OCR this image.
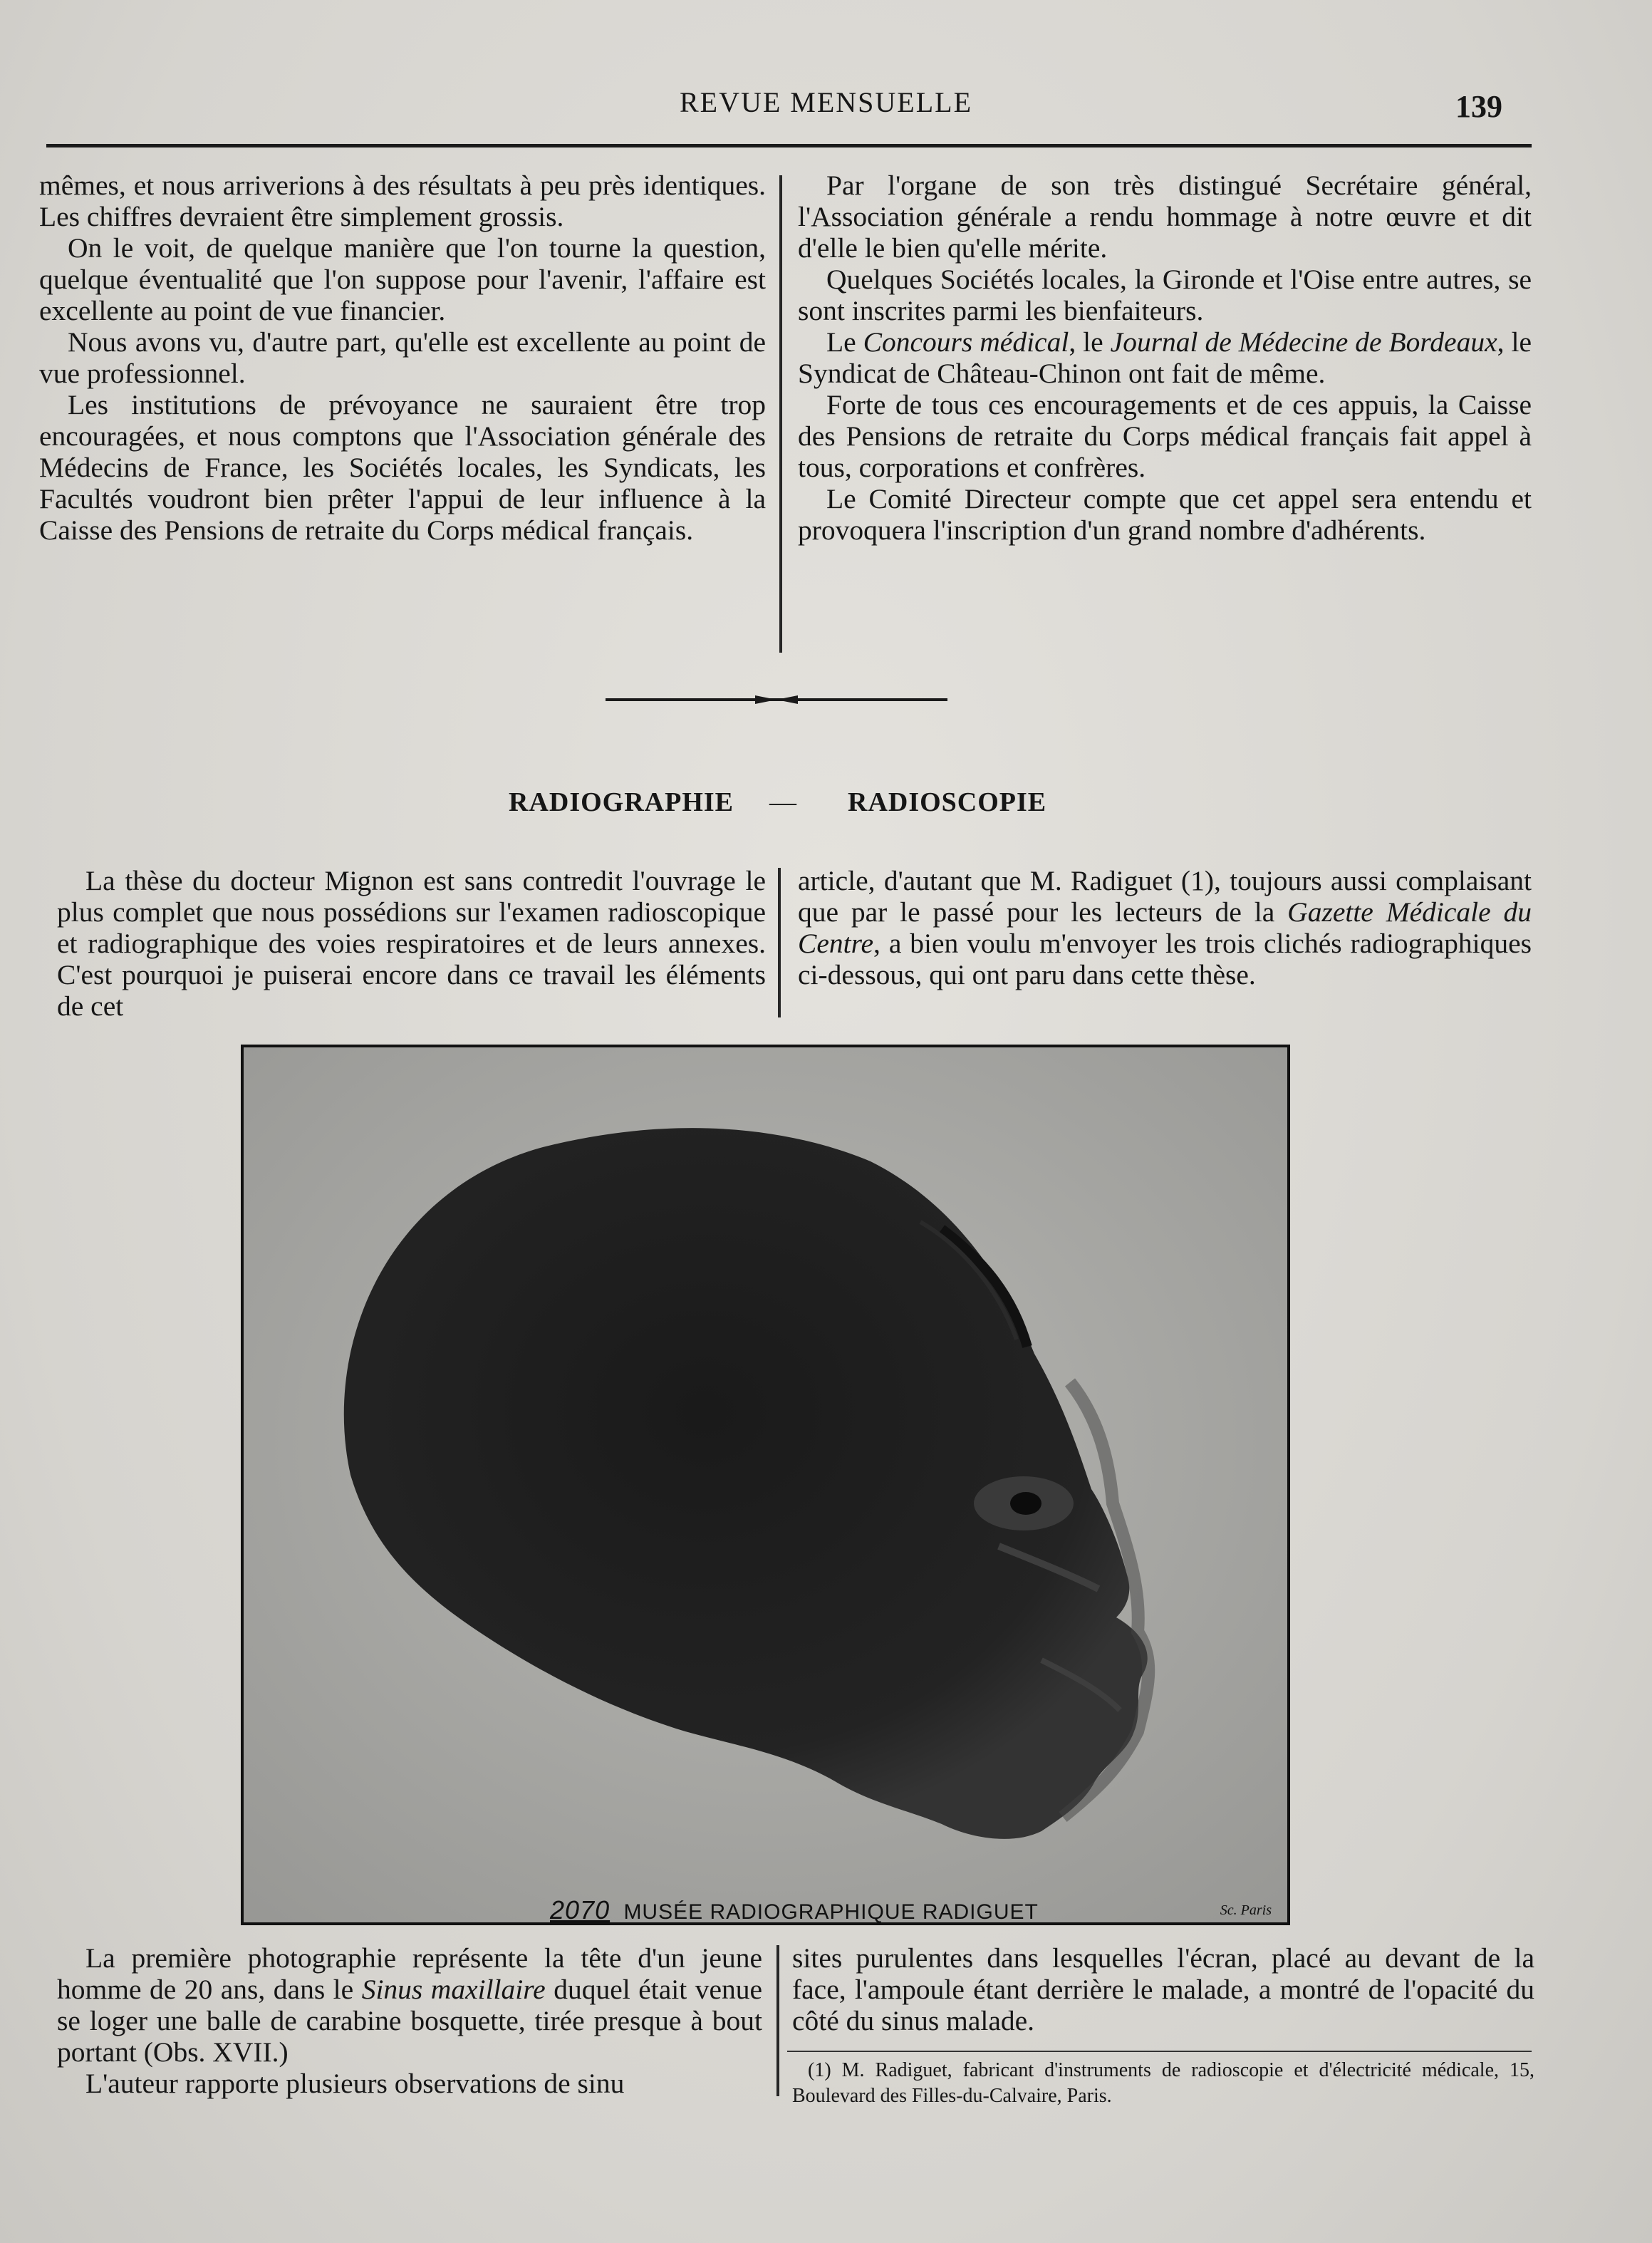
REVUE MENSUELLE	139

mêmes, et nous arriverions à des résultats à peu près identiques. Les chiffres devraient être simplement grossis.

On le voit, de quelque manière que l'on tourne la question, quelque éventualité que l'on suppose pour l'avenir, l'affaire est excellente au point de vue financier.

Nous avons vu, d'autre part, qu'elle est excellente au point de vue professionnel.

Les institutions de prévoyance ne sauraient être trop encouragées, et nous comptons que l'Association générale des Médecins de France, les Sociétés locales, les Syndicats, les Facultés voudront bien prêter l'appui de leur influence à la Caisse des Pensions de retraite du Corps médical français.

Par l'organe de son très distingué Secrétaire général, l'Association générale a rendu hommage à notre œuvre et dit d'elle le bien qu'elle mérite.

Quelques Sociétés locales, la Gironde et l'Oise entre autres, se sont inscrites parmi les bienfaiteurs.

Le Concours médical, le Journal de Médecine de Bordeaux, le Syndicat de Château-Chinon ont fait de même.

Forte de tous ces encouragements et de ces appuis, la Caisse des Pensions de retraite du Corps médical français fait appel à tous, corporations et confrères.

Le Comité Directeur compte que cet appel sera entendu et provoquera l'inscription d'un grand nombre d'adhérents.

RADIOGRAPHIE — RADIOSCOPIE

La thèse du docteur Mignon est sans contredit l'ouvrage le plus complet que nous possédions sur l'examen radioscopique et radiographique des voies respiratoires et de leurs annexes. C'est pourquoi je puiserai encore dans ce travail les éléments de cet

article, d'autant que M. Radiguet (1), toujours aussi complaisant que par le passé pour les lecteurs de la Gazette Médicale du Centre, a bien voulu m'envoyer les trois clichés radiographiques ci-dessous, qui ont paru dans cette thèse.

2070 MUSÉE RADIOGRAPHIQUE RADIGUET	Sc. Paris

La première photographie représente la tête d'un jeune homme de 20 ans, dans le Sinus maxillaire duquel était venue se loger une balle de carabine bosquette, tirée presque à bout portant (Obs. XVII.)

L'auteur rapporte plusieurs observations de sinu

sites purulentes dans lesquelles l'écran, placé au devant de la face, l'ampoule étant derrière le malade, a montré de l'opacité du côté du sinus malade.

(1) M. Radiguet, fabricant d'instruments de radioscopie et d'électricité médicale, 15, Boulevard des Filles-du-Calvaire, Paris.
